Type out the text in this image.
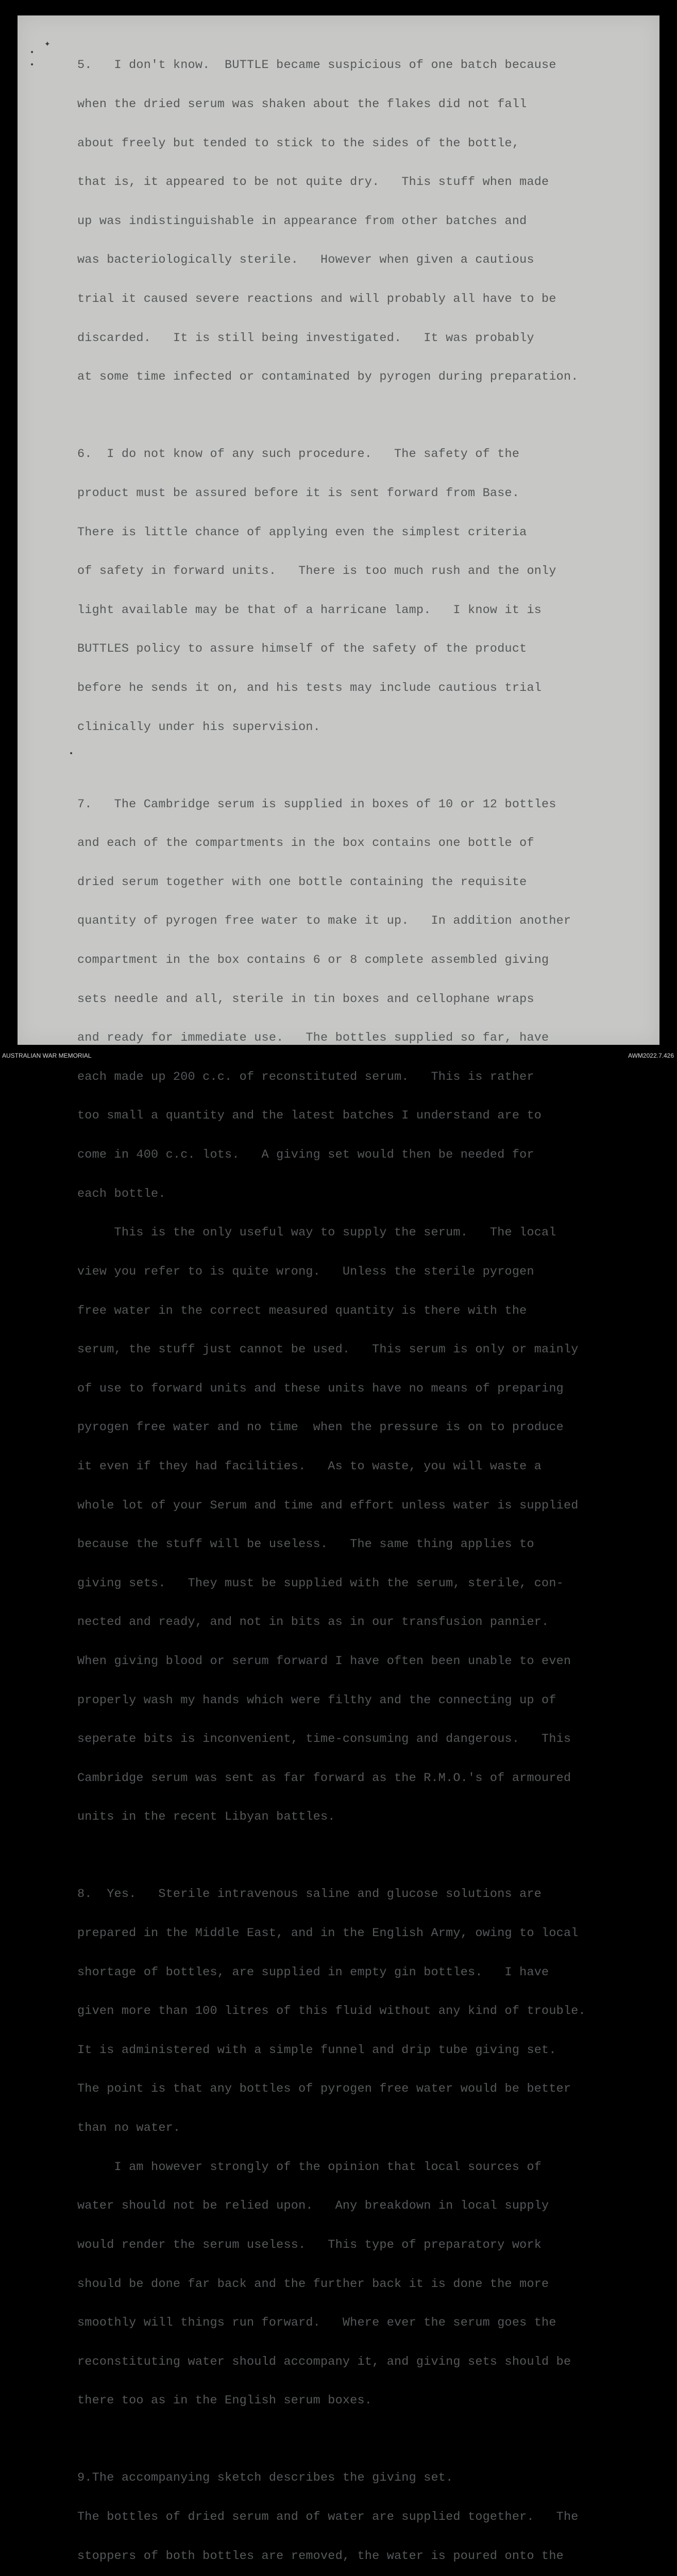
✦
•
•
•

5.   I don't know.  BUTTLE became suspicious of one batch because

when the dried serum was shaken about the flakes did not fall

about freely but tended to stick to the sides of the bottle,

that is, it appeared to be not quite dry.   This stuff when made

up was indistinguishable in appearance from other batches and

was bacteriologically sterile.   However when given a cautious

trial it caused severe reactions and will probably all have to be

discarded.   It is still being investigated.   It was probably

at some time infected or contaminated by pyrogen during preparation.

6.  I do not know of any such procedure.   The safety of the

product must be assured before it is sent forward from Base.

There is little chance of applying even the simplest criteria

of safety in forward units.   There is too much rush and the only

light available may be that of a harricane lamp.   I know it is

BUTTLES policy to assure himself of the safety of the product

before he sends it on, and his tests may include cautious trial

clinically under his supervision.

7.   The Cambridge serum is supplied in boxes of 10 or 12 bottles

and each of the compartments in the box contains one bottle of

dried serum together with one bottle containing the requisite

quantity of pyrogen free water to make it up.   In addition another

compartment in the box contains 6 or 8 complete assembled giving

sets needle and all, sterile in tin boxes and cellophane wraps

and ready for immediate use.   The bottles supplied so far, have

each made up 200 c.c. of reconstituted serum.   This is rather

too small a quantity and the latest batches I understand are to

come in 400 c.c. lots.   A giving set would then be needed for

each bottle.

This is the only useful way to supply the serum.   The local

view you refer to is quite wrong.   Unless the sterile pyrogen

free water in the correct measured quantity is there with the

serum, the stuff just cannot be used.   This serum is only or mainly

of use to forward units and these units have no means of preparing

pyrogen free water and no time  when the pressure is on to produce

it even if they had facilities.   As to waste, you will waste a

whole lot of your Serum and time and effort unless water is supplied

because the stuff will be useless.   The same thing applies to

giving sets.   They must be supplied with the serum, sterile, con-

nected and ready, and not in bits as in our transfusion pannier.

When giving blood or serum forward I have often been unable to even

properly wash my hands which were filthy and the connecting up of

seperate bits is inconvenient, time-consuming and dangerous.   This

Cambridge serum was sent as far forward as the R.M.O.'s of armoured

units in the recent Libyan battles.

8.  Yes.   Sterile intravenous saline and glucose solutions are

prepared in the Middle East, and in the English Army, owing to local

shortage of bottles, are supplied in empty gin bottles.   I have

given more than 100 litres of this fluid without any kind of trouble.

It is administered with a simple funnel and drip tube giving set.

The point is that any bottles of pyrogen free water would be better

than no water.

I am however strongly of the opinion that local sources of

water should not be relied upon.   Any breakdown in local supply

would render the serum useless.   This type of preparatory work

should be done far back and the further back it is done the more

smoothly will things run forward.   Where ever the serum goes the

reconstituting water should accompany it, and giving sets should be

there too as in the English serum boxes.

9.The accompanying sketch describes the giving set.

The bottles of dried serum and of water are supplied together.   The

stoppers of both bottles are removed, the water is poured onto the

AUSTRALIAN WAR MEMORIAL	AWM2022.7.426
